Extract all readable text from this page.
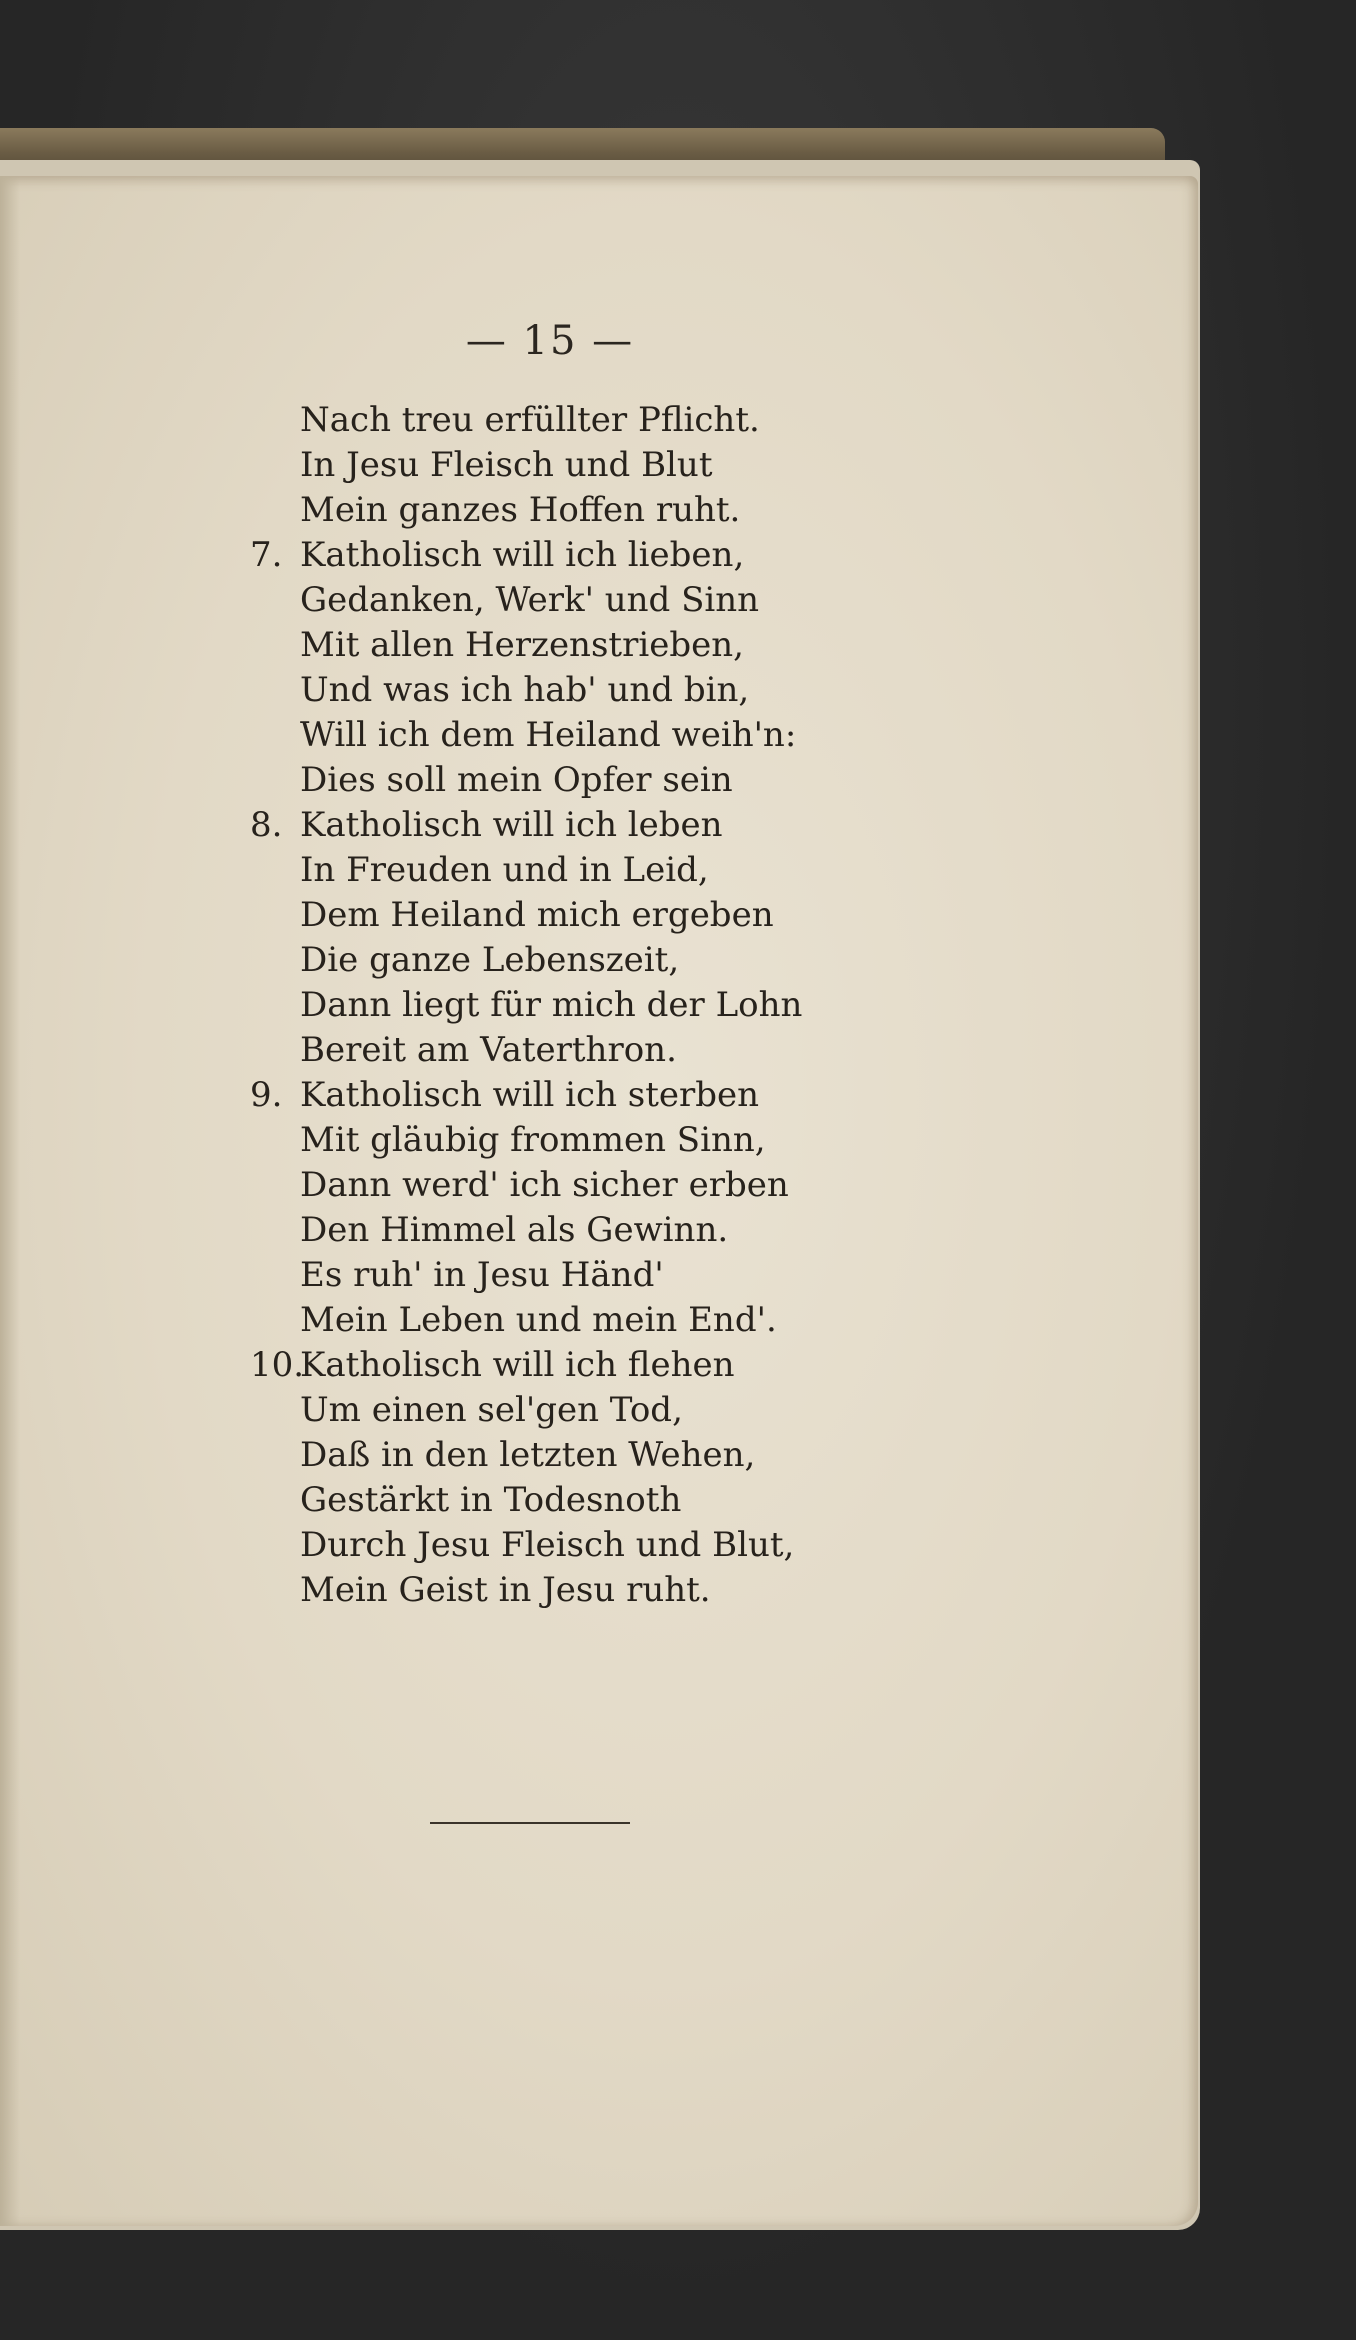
— 15 —
Nach treu erfüllter Pflicht.
In Jesu Fleisch und Blut
Mein ganzes Hoffen ruht.
7. Katholisch will ich lieben,
Gedanken, Werk' und Sinn
Mit allen Herzenstrieben,
Und was ich hab' und bin,
Will ich dem Heiland weih'n:
Dies soll mein Opfer sein
8. Katholisch will ich leben
In Freuden und in Leid,
Dem Heiland mich ergeben
Die ganze Lebenszeit,
Dann liegt für mich der Lohn
Bereit am Vaterthron.
9. Katholisch will ich sterben
Mit gläubig frommen Sinn,
Dann werd' ich sicher erben
Den Himmel als Gewinn.
Es ruh' in Jesu Händ'
Mein Leben und mein End'.
10.Katholisch will ich flehen
Um einen sel'gen Tod,
Daß in den letzten Wehen,
Gestärkt in Todesnoth
Durch Jesu Fleisch und Blut,
Mein Geist in Jesu ruht.
